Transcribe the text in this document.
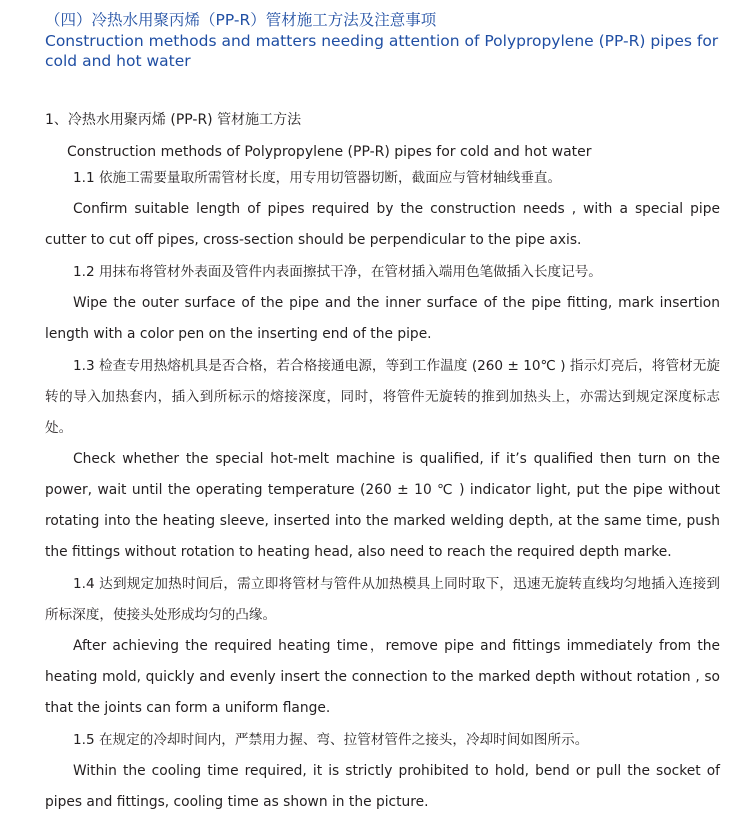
（四）冷热水用聚丙烯（PP-R）管材施工方法及注意事项

Construction methods and matters needing attention of Polypropylene (PP-R) pipes for cold and hot water

1、冷热水用聚丙烯 (PP-R) 管材施工方法

Construction methods of Polypropylene (PP-R) pipes for cold and hot water

1.1 依施工需要量取所需管材长度，用专用切管器切断，截面应与管材轴线垂直。

Confirm suitable length of pipes required by the construction needs , with a special pipe cutter to cut off pipes, cross-section should be perpendicular to the pipe axis.

1.2 用抹布将管材外表面及管件内表面擦拭干净，在管材插入端用色笔做插入长度记号。

Wipe the outer surface of the pipe and the inner surface of the pipe fitting, mark insertion length with a color pen on the inserting end of the pipe.

1.3 检查专用热熔机具是否合格，若合格接通电源，等到工作温度 (260 ± 10℃ ) 指示灯亮后，将管材无旋转的导入加热套内，插入到所标示的熔接深度，同时，将管件无旋转的推到加热头上，亦需达到规定深度标志处。

Check whether the special hot-melt machine is qualified, if it’s qualified then turn on the power, wait until the operating temperature (260 ± 10 ℃ ) indicator light, put the pipe without rotating into the heating sleeve, inserted into the marked welding depth, at the same time, push the fittings without rotation to heating head, also need to reach the required depth marke.

1.4 达到规定加热时间后，需立即将管材与管件从加热模具上同时取下，迅速无旋转直线均匀地插入连接到所标深度，使接头处形成均匀的凸缘。

After achieving the required heating time，remove pipe and fittings immediately from the heating mold, quickly and evenly insert the connection to the marked depth without rotation , so that the joints can form a uniform flange.

1.5 在规定的冷却时间内，严禁用力握、弯、拉管材管件之接头，冷却时间如图所示。

Within the cooling time required, it is strictly prohibited to hold, bend or pull the socket of pipes and fittings, cooling time as shown in the picture.
